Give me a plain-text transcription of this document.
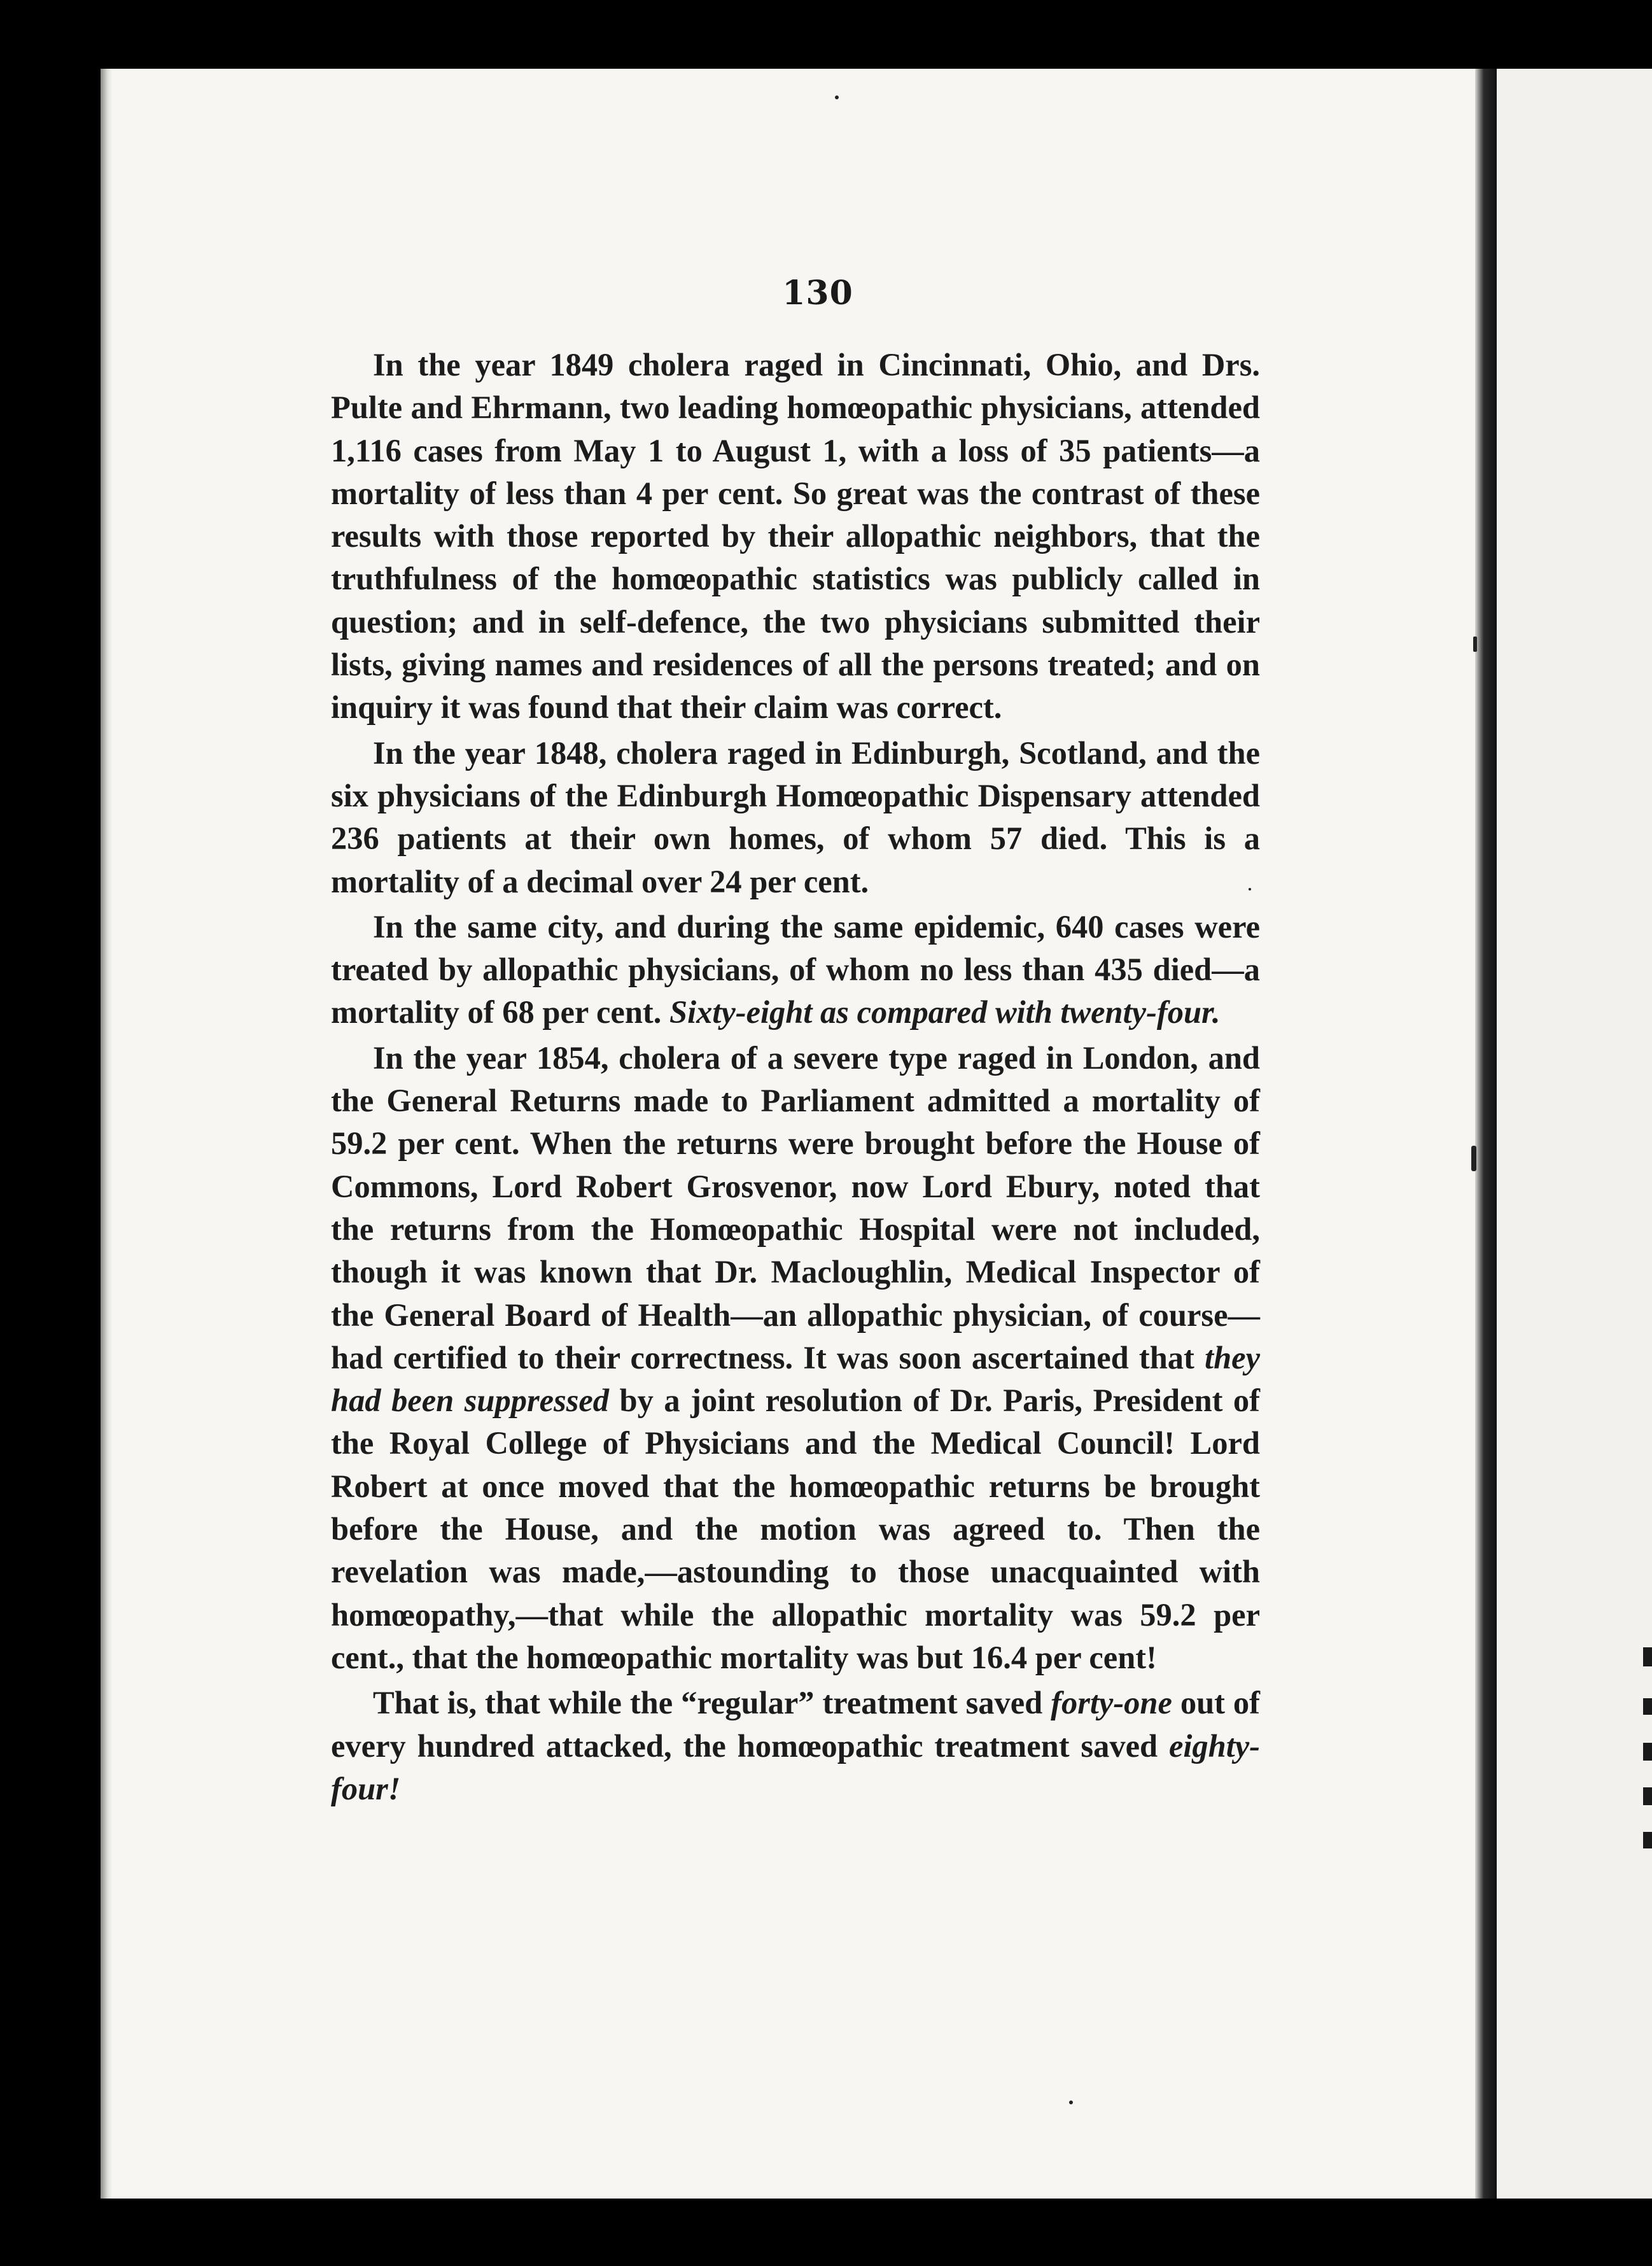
130

In the year 1849 cholera raged in Cincinnati, Ohio, and Drs. Pulte and Ehrmann, two leading homœopathic physicians, attended 1,116 cases from May 1 to August 1, with a loss of 35 patients—a mortality of less than 4 per cent. So great was the contrast of these results with those reported by their allopathic neighbors, that the truthfulness of the homœopathic statistics was publicly called in question; and in self-defence, the two physicians submitted their lists, giving names and residences of all the persons treated; and on inquiry it was found that their claim was correct.

In the year 1848, cholera raged in Edinburgh, Scotland, and the six physicians of the Edinburgh Homœopathic Dispensary attended 236 patients at their own homes, of whom 57 died. This is a mortality of a decimal over 24 per cent.

In the same city, and during the same epidemic, 640 cases were treated by allopathic physicians, of whom no less than 435 died—a mortality of 68 per cent. Sixty-eight as compared with twenty-four.

In the year 1854, cholera of a severe type raged in London, and the General Returns made to Parliament admitted a mortality of 59.2 per cent. When the returns were brought before the House of Commons, Lord Robert Grosvenor, now Lord Ebury, noted that the returns from the Homœopathic Hospital were not included, though it was known that Dr. Macloughlin, Medical Inspector of the General Board of Health—an allopathic physician, of course—had certified to their correctness. It was soon ascertained that they had been suppressed by a joint resolution of Dr. Paris, President of the Royal College of Physicians and the Medical Council! Lord Robert at once moved that the homœopathic returns be brought before the House, and the motion was agreed to. Then the revelation was made,—astounding to those unacquainted with homœopathy,—that while the allopathic mortality was 59.2 per cent., that the homœopathic mortality was but 16.4 per cent!

That is, that while the “regular” treatment saved forty-one out of every hundred attacked, the homœopathic treatment saved eighty-four!
